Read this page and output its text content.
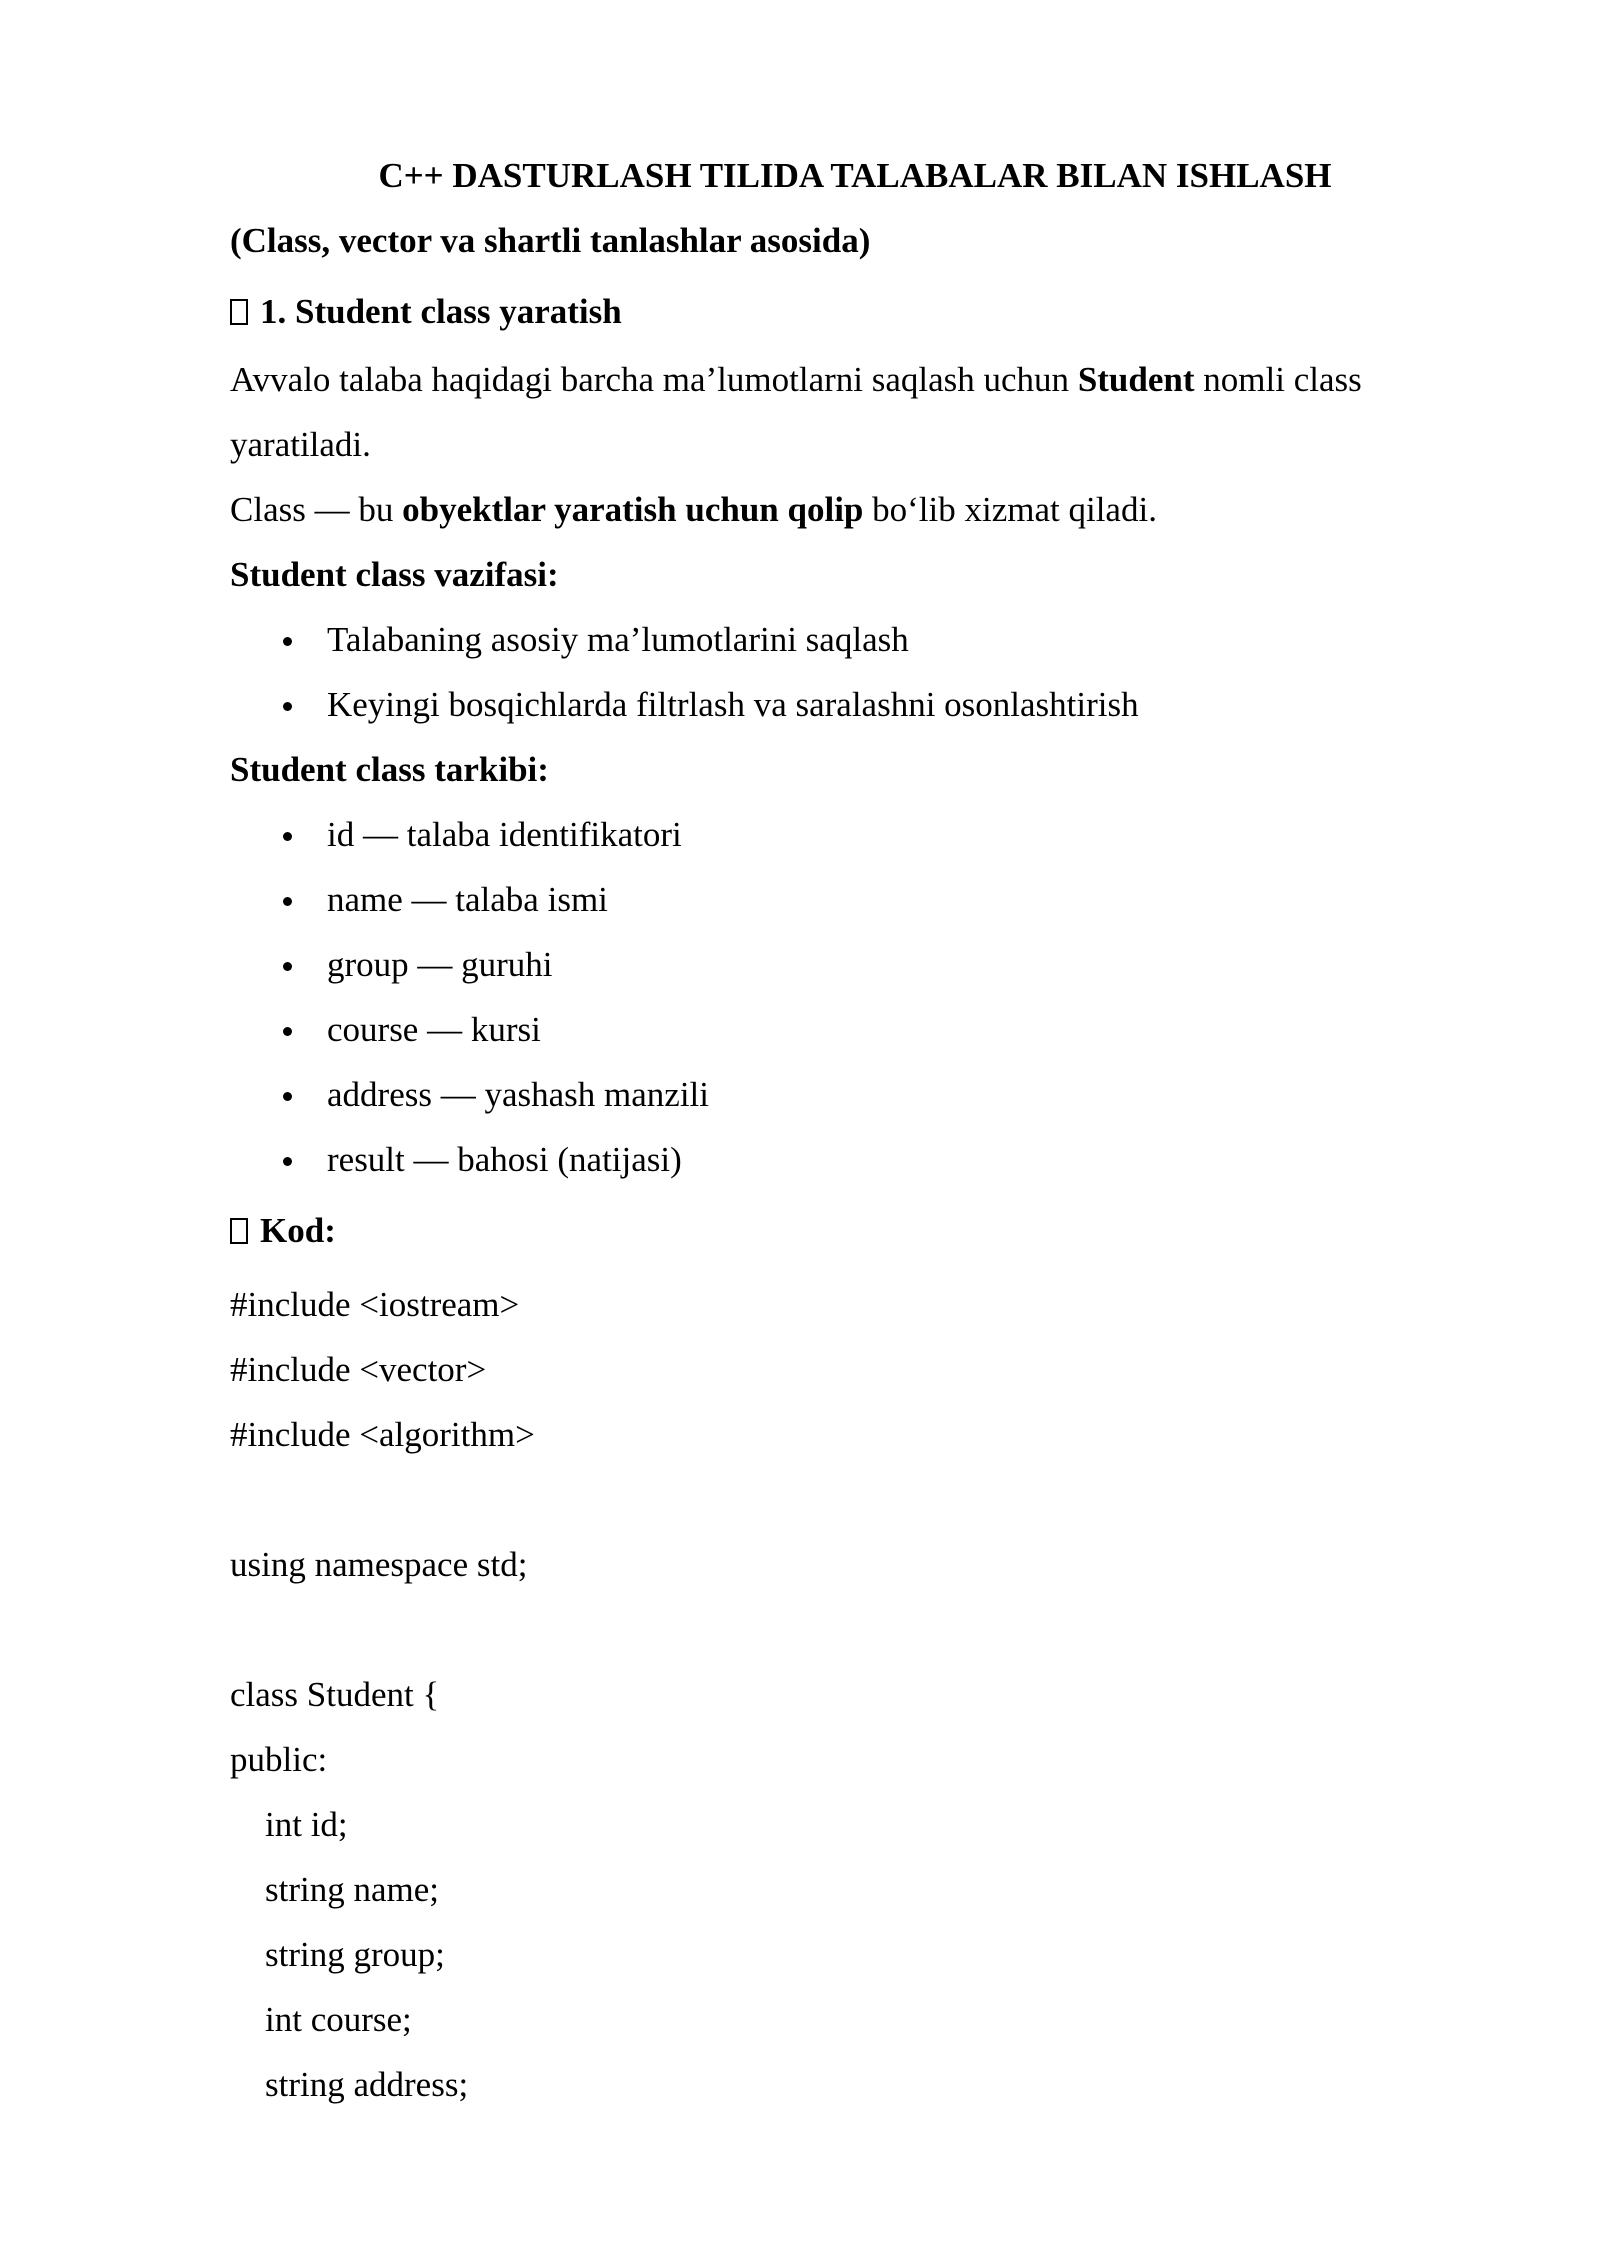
C++ DASTURLASH TILIDA TALABALAR BILAN ISHLASH
(Class, vector va shartli tanlashlar asosida)
1. Student class yaratish
Avvalo talaba haqidagi barcha ma’lumotlarni saqlash uchun Student nomli class
yaratiladi.
Class — bu obyektlar yaratish uchun qolip bo‘lib xizmat qiladi.
Student class vazifasi:
Talabaning asosiy ma’lumotlarini saqlash
Keyingi bosqichlarda filtrlash va saralashni osonlashtirish
Student class tarkibi:
id — talaba identifikatori
name — talaba ismi
group — guruhi
course — kursi
address — yashash manzili
result — bahosi (natijasi)
Kod:
#include <iostream>
#include <vector>
#include <algorithm>
using namespace std;
class Student {
public:
int id;
string name;
string group;
int course;
string address;
